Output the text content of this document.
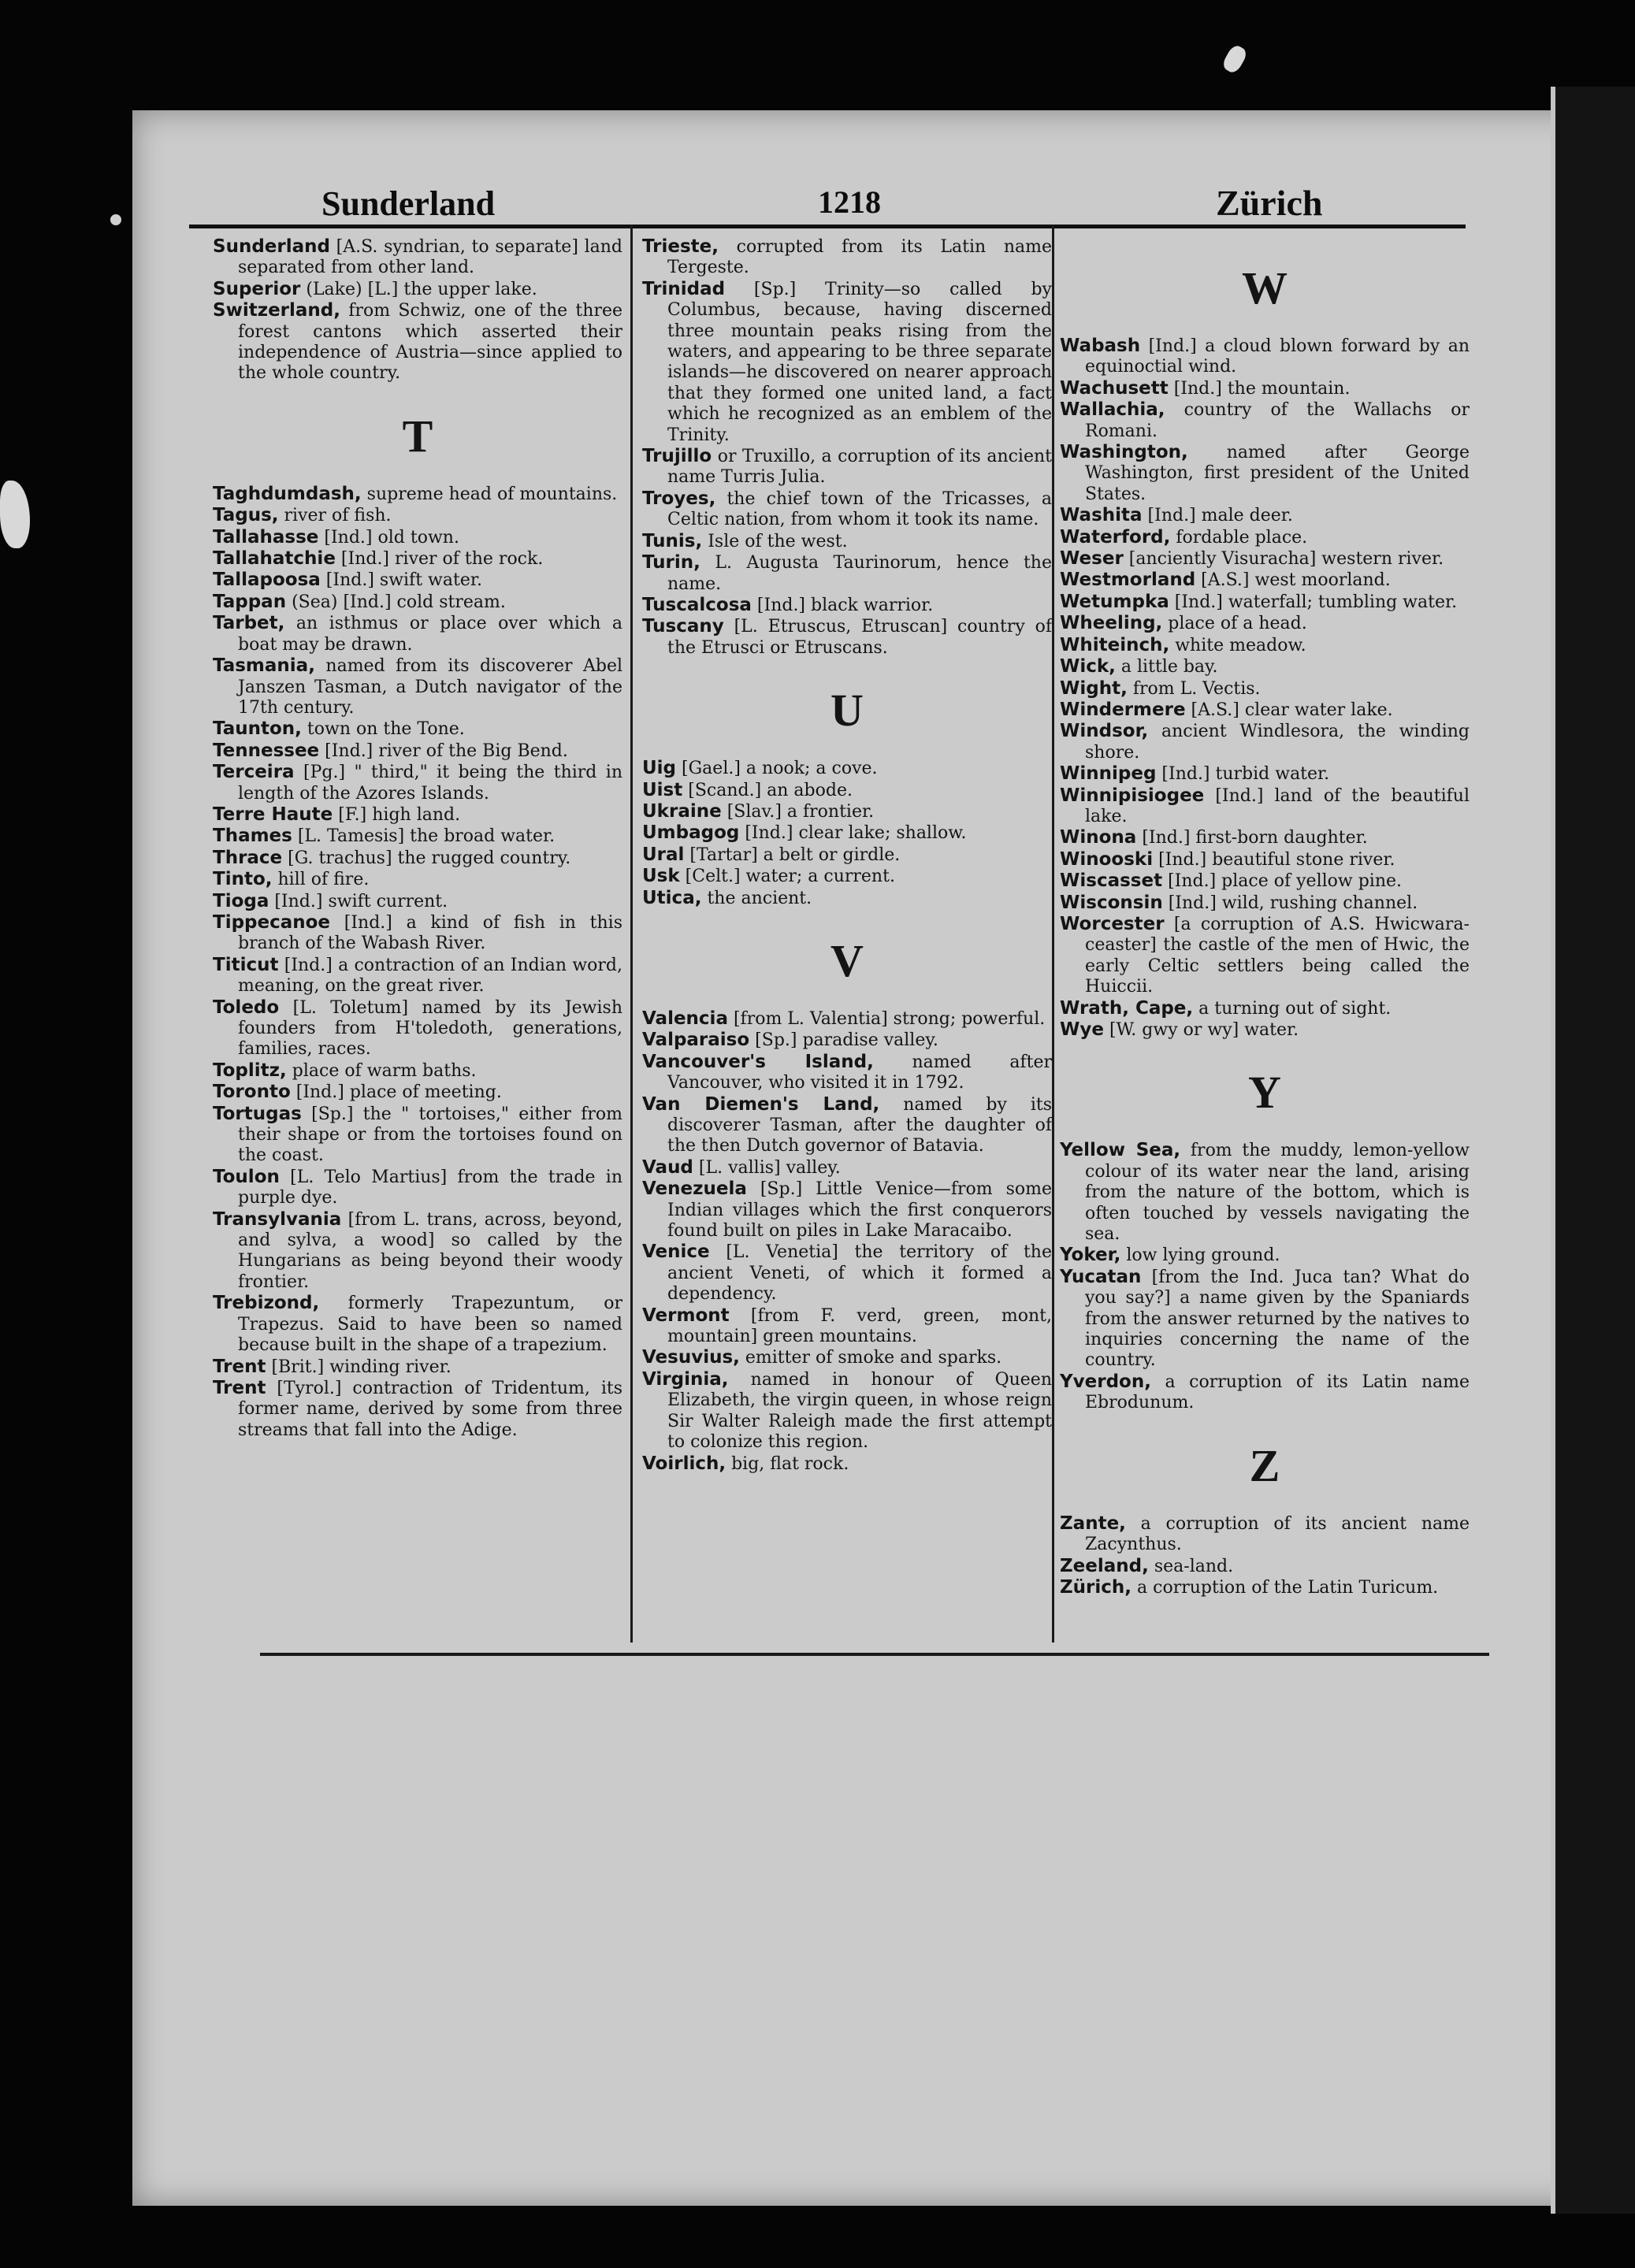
Sunderland	1218	Zürich

Sunderland [A.S. syndrian, to separate] land separated from other land.

Superior (Lake) [L.] the upper lake.

Switzerland, from Schwiz, one of the three forest cantons which asserted their independence of Austria—since applied to the whole country.

T

Taghdumdash, supreme head of mountains.

Tagus, river of fish.

Tallahasse [Ind.] old town.

Tallahatchie [Ind.] river of the rock.

Tallapoosa [Ind.] swift water.

Tappan (Sea) [Ind.] cold stream.

Tarbet, an isthmus or place over which a boat may be drawn.

Tasmania, named from its discoverer Abel Janszen Tasman, a Dutch navigator of the 17th century.

Taunton, town on the Tone.

Tennessee [Ind.] river of the Big Bend.

Terceira [Pg.] " third," it being the third in length of the Azores Islands.

Terre Haute [F.] high land.

Thames [L. Tamesis] the broad water.

Thrace [G. trachus] the rugged country.

Tinto, hill of fire.

Tioga [Ind.] swift current.

Tippecanoe [Ind.] a kind of fish in this branch of the Wabash River.

Titicut [Ind.] a contraction of an Indian word, meaning, on the great river.

Toledo [L. Toletum] named by its Jewish founders from H'toledoth, generations, families, races.

Toplitz, place of warm baths.

Toronto [Ind.] place of meeting.

Tortugas [Sp.] the " tortoises," either from their shape or from the tortoises found on the coast.

Toulon [L. Telo Martius] from the trade in purple dye.

Transylvania [from L. trans, across, beyond, and sylva, a wood] so called by the Hungarians as being beyond their woody frontier.

Trebizond, formerly Trapezuntum, or Trapezus. Said to have been so named because built in the shape of a trapezium.

Trent [Brit.] winding river.

Trent [Tyrol.] contraction of Tridentum, its former name, derived by some from three streams that fall into the Adige.

Trieste, corrupted from its Latin name Tergeste.

Trinidad [Sp.] Trinity—so called by Columbus, because, having discerned three mountain peaks rising from the waters, and appearing to be three separate islands—he discovered on nearer approach that they formed one united land, a fact which he recognized as an emblem of the Trinity.

Trujillo or Truxillo, a corruption of its ancient name Turris Julia.

Troyes, the chief town of the Tricasses, a Celtic nation, from whom it took its name.

Tunis, Isle of the west.

Turin, L. Augusta Taurinorum, hence the name.

Tuscalcosa [Ind.] black warrior.

Tuscany [L. Etruscus, Etruscan] country of the Etrusci or Etruscans.

U

Uig [Gael.] a nook; a cove.

Uist [Scand.] an abode.

Ukraine [Slav.] a frontier.

Umbagog [Ind.] clear lake; shallow.

Ural [Tartar] a belt or girdle.

Usk [Celt.] water; a current.

Utica, the ancient.

V

Valencia [from L. Valentia] strong; powerful.

Valparaiso [Sp.] paradise valley.

Vancouver's Island, named after Vancouver, who visited it in 1792.

Van Diemen's Land, named by its discoverer Tasman, after the daughter of the then Dutch governor of Batavia.

Vaud [L. vallis] valley.

Venezuela [Sp.] Little Venice—from some Indian villages which the first conquerors found built on piles in Lake Maracaibo.

Venice [L. Venetia] the territory of the ancient Veneti, of which it formed a dependency.

Vermont [from F. verd, green, mont, mountain] green mountains.

Vesuvius, emitter of smoke and sparks.

Virginia, named in honour of Queen Elizabeth, the virgin queen, in whose reign Sir Walter Raleigh made the first attempt to colonize this region.

Voirlich, big, flat rock.

W

Wabash [Ind.] a cloud blown forward by an equinoctial wind.

Wachusett [Ind.] the mountain.

Wallachia, country of the Wallachs or Romani.

Washington, named after George Washington, first president of the United States.

Washita [Ind.] male deer.

Waterford, fordable place.

Weser [anciently Visuracha] western river.

Westmorland [A.S.] west moorland.

Wetumpka [Ind.] waterfall; tumbling water.

Wheeling, place of a head.

Whiteinch, white meadow.

Wick, a little bay.

Wight, from L. Vectis.

Windermere [A.S.] clear water lake.

Windsor, ancient Windlesora, the winding shore.

Winnipeg [Ind.] turbid water.

Winnipisiogee [Ind.] land of the beautiful lake.

Winona [Ind.] first-born daughter.

Winooski [Ind.] beautiful stone river.

Wiscasset [Ind.] place of yellow pine.

Wisconsin [Ind.] wild, rushing channel.

Worcester [a corruption of A.S. Hwicwara-ceaster] the castle of the men of Hwic, the early Celtic settlers being called the Huiccii.

Wrath, Cape, a turning out of sight.

Wye [W. gwy or wy] water.

Y

Yellow Sea, from the muddy, lemon-yellow colour of its water near the land, arising from the nature of the bottom, which is often touched by vessels navigating the sea.

Yoker, low lying ground.

Yucatan [from the Ind. Juca tan? What do you say?] a name given by the Spaniards from the answer returned by the natives to inquiries concerning the name of the country.

Yverdon, a corruption of its Latin name Ebrodunum.

Z

Zante, a corruption of its ancient name Zacynthus.

Zeeland, sea-land.

Zürich, a corruption of the Latin Turicum.
